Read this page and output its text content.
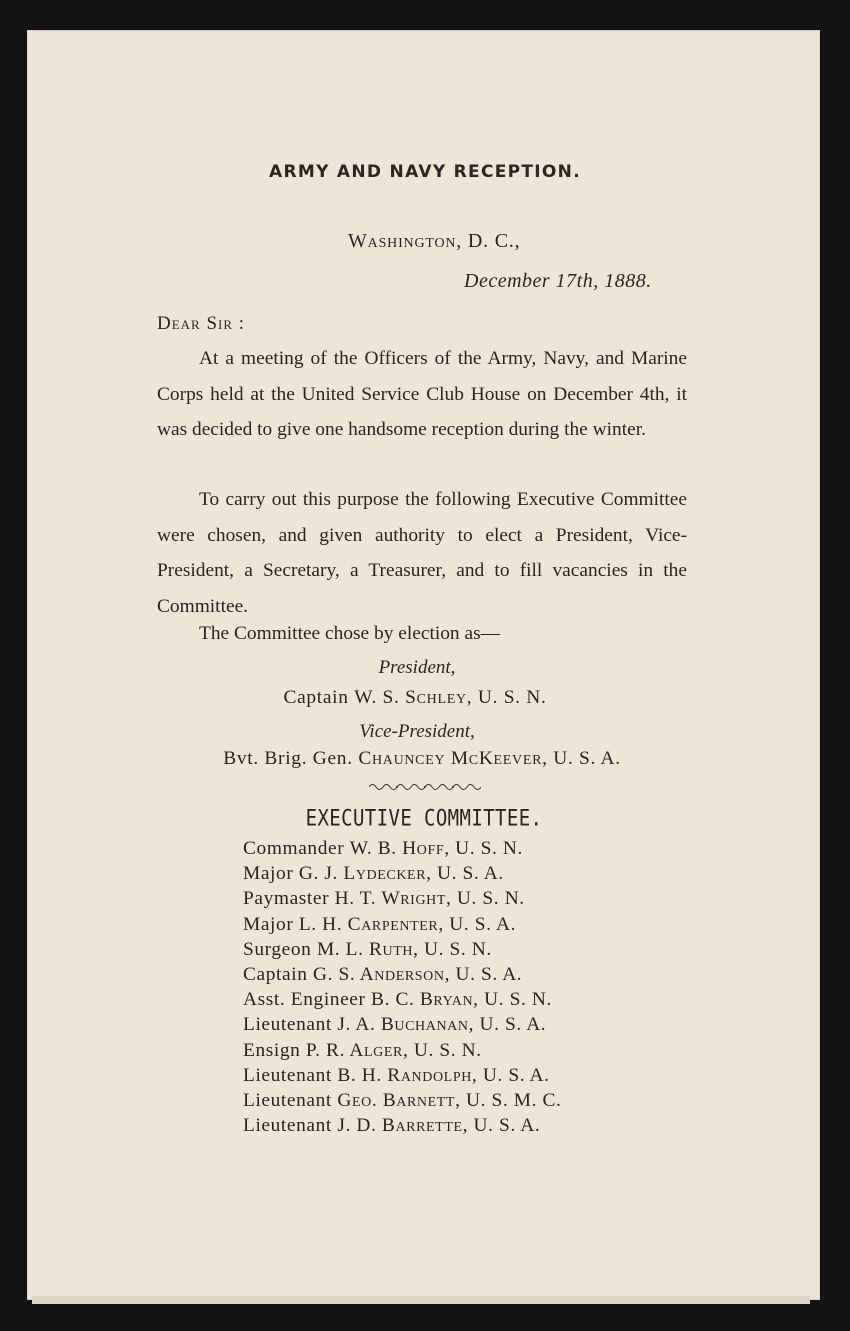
ARMY AND NAVY RECEPTION.
Washington, D. C.,
December 17th, 1888.
Dear Sir :

At a meeting of the Officers of the Army, Navy, and Marine Corps held at the United Service Club House on December 4th, it was decided to give one handsome reception during the winter.

To carry out this purpose the following Executive Committee were chosen, and given authority to elect a President, Vice-President, a Secretary, a Treasurer, and to fill vacancies in the Committee.

The Committee chose by election as—
President,
Captain W. S. Schley, U. S. N.
Vice-President,
Bvt. Brig. Gen. Chauncey McKeever, U. S. A.
EXECUTIVE COMMITTEE.
Commander W. B. Hoff, U. S. N.
Major G. J. Lydecker, U. S. A.
Paymaster H. T. Wright, U. S. N.
Major L. H. Carpenter, U. S. A.
Surgeon M. L. Ruth, U. S. N.
Captain G. S. Anderson, U. S. A.
Asst. Engineer B. C. Bryan, U. S. N.
Lieutenant J. A. Buchanan, U. S. A.
Ensign P. R. Alger, U. S. N.
Lieutenant B. H. Randolph, U. S. A.
Lieutenant Geo. Barnett, U. S. M. C.
Lieutenant J. D. Barrette, U. S. A.
